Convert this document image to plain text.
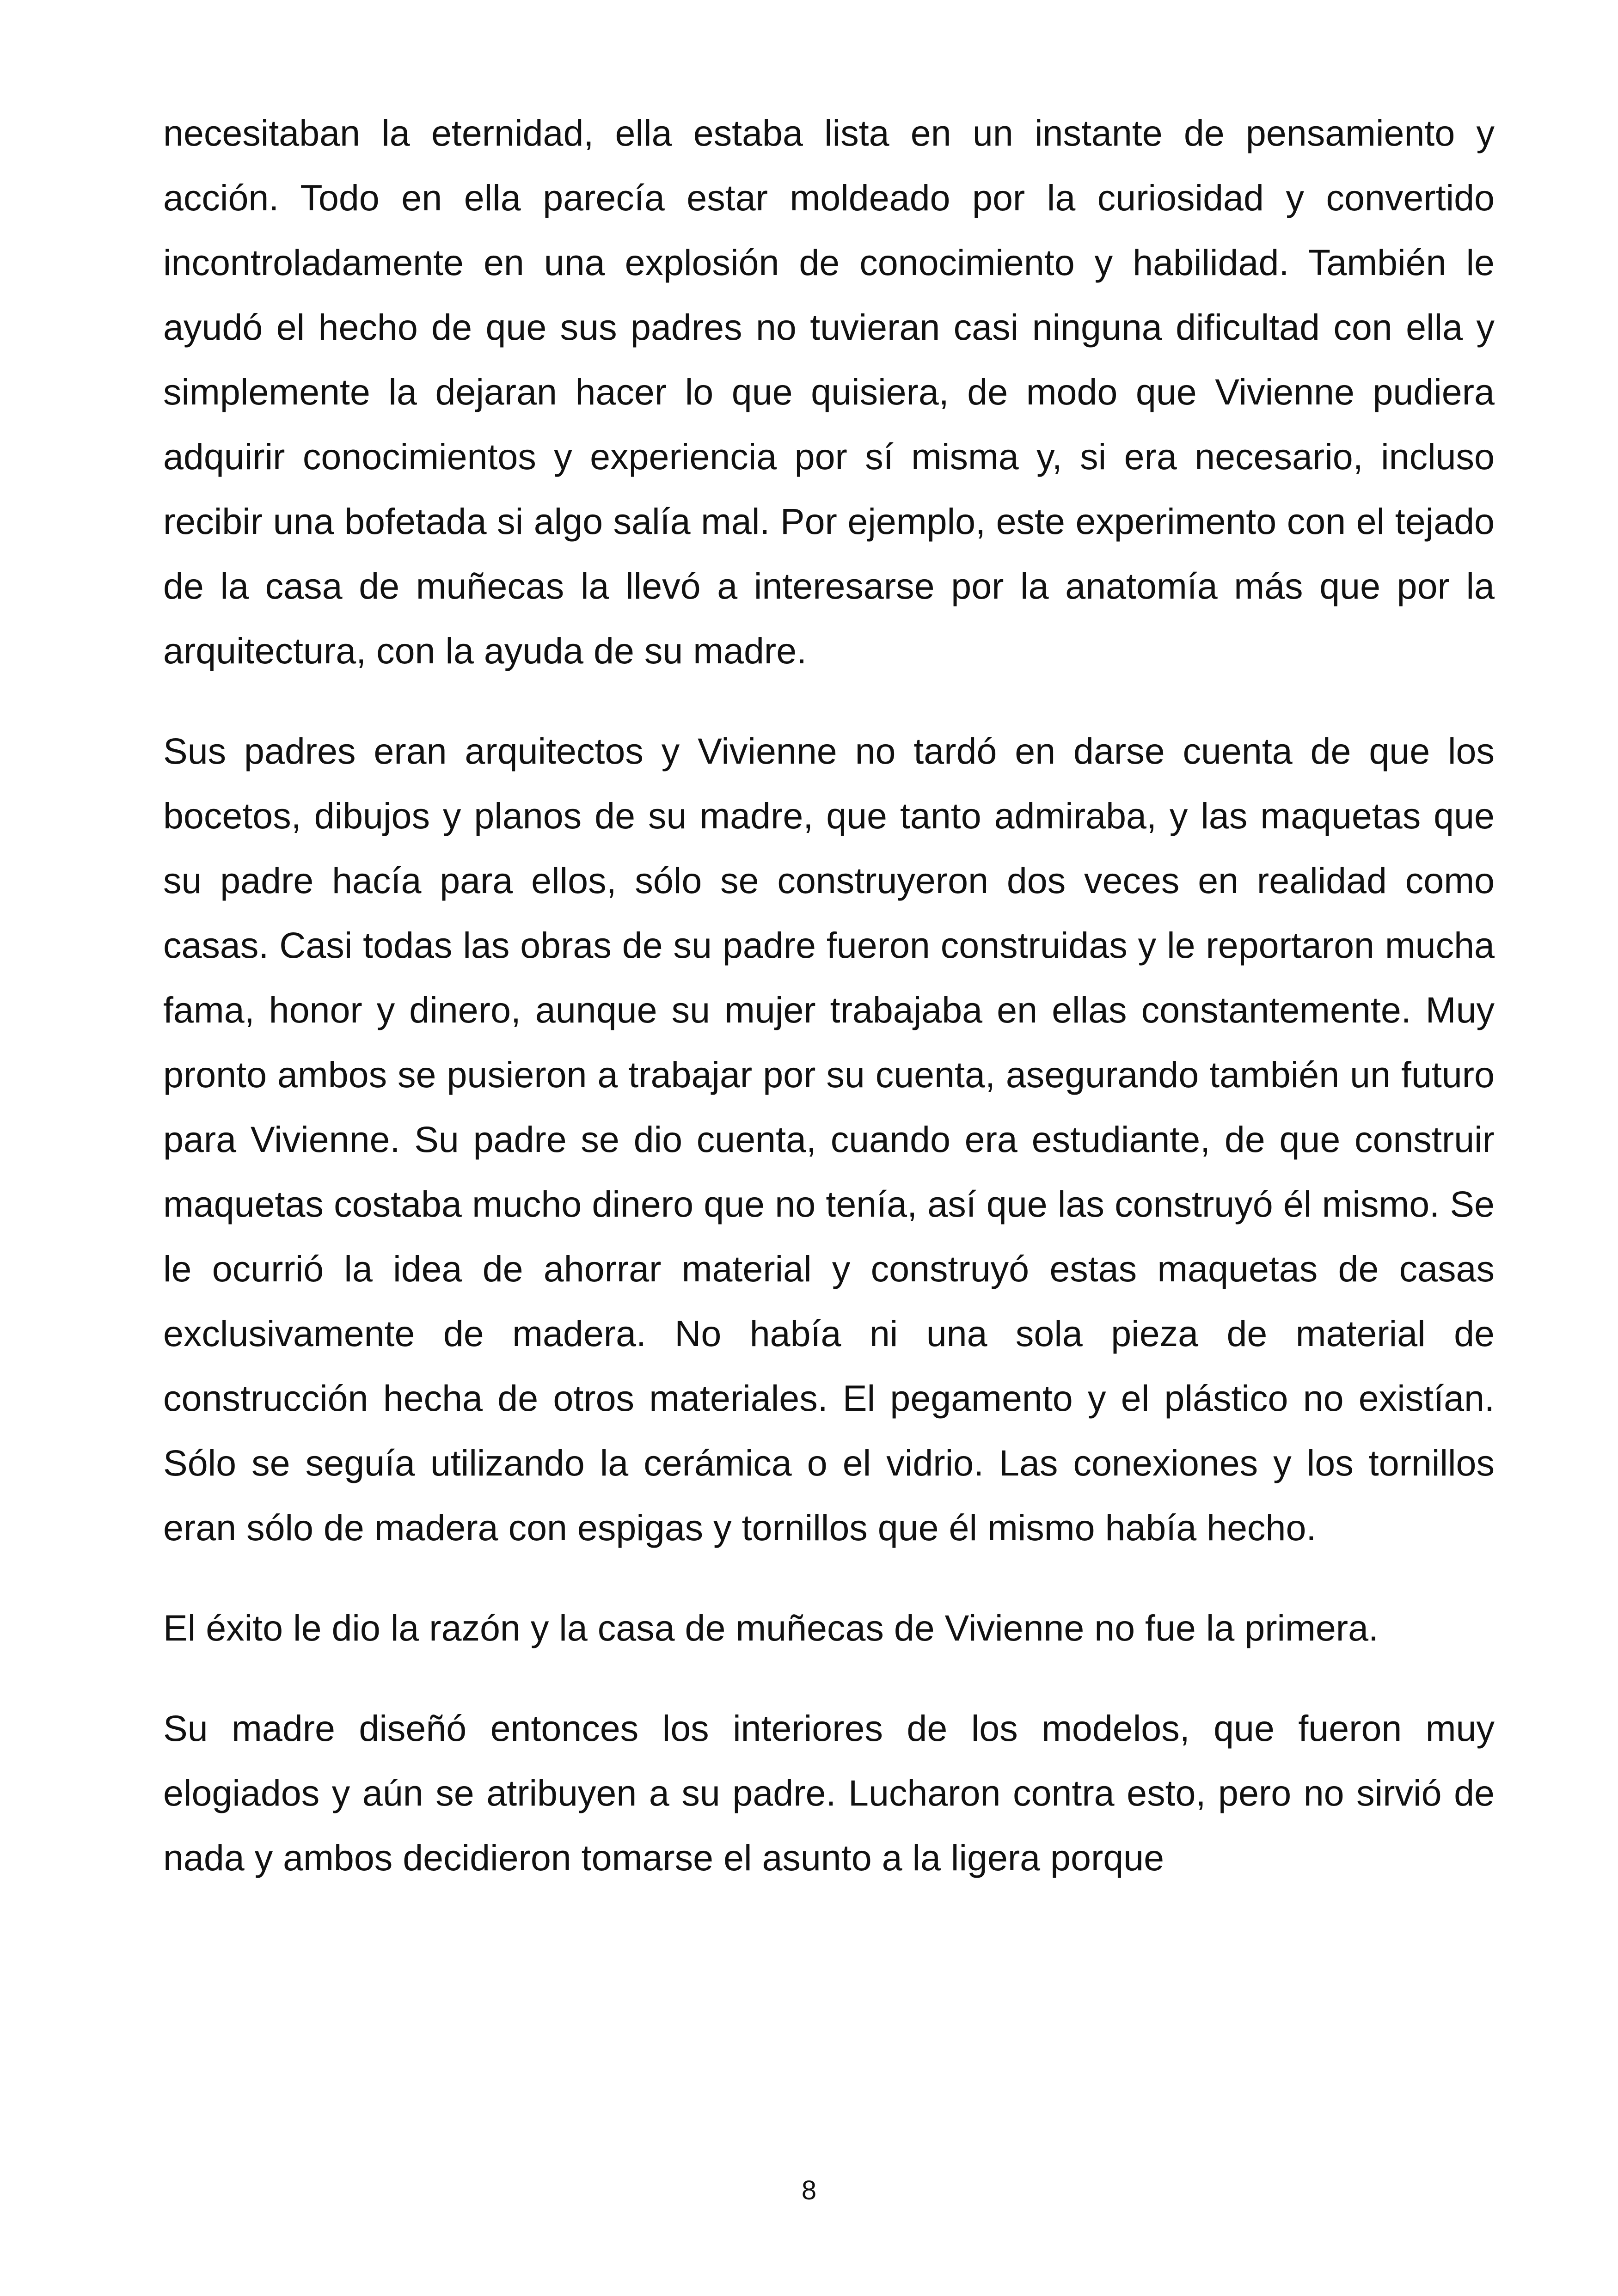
necesitaban la eternidad, ella estaba lista en un instante de pensamiento y acción. Todo en ella parecía estar moldeado por la curiosidad y convertido incontroladamente en una explosión de conocimiento y habilidad. También le ayudó el hecho de que sus padres no tuvieran casi ninguna dificultad con ella y simplemente la dejaran hacer lo que quisiera, de modo que Vivienne pudiera adquirir conocimientos y experiencia por sí misma y, si era necesario, incluso recibir una bofetada si algo salía mal. Por ejemplo, este experimento con el tejado de la casa de muñecas la llevó a interesarse por la anatomía más que por la arquitectura, con la ayuda de su madre.

Sus padres eran arquitectos y Vivienne no tardó en darse cuenta de que los bocetos, dibujos y planos de su madre, que tanto admiraba, y las maquetas que su padre hacía para ellos, sólo se construyeron dos veces en realidad como casas. Casi todas las obras de su padre fueron construidas y le reportaron mucha fama, honor y dinero, aunque su mujer trabajaba en ellas constantemente. Muy pronto ambos se pusieron a trabajar por su cuenta, asegurando también un futuro para Vivienne. Su padre se dio cuenta, cuando era estudiante, de que construir maquetas costaba mucho dinero que no tenía, así que las construyó él mismo. Se le ocurrió la idea de ahorrar material y construyó estas maquetas de casas exclusivamente de madera. No había ni una sola pieza de material de construcción hecha de otros materiales. El pegamento y el plástico no existían. Sólo se seguía utilizando la cerámica o el vidrio. Las conexiones y los tornillos eran sólo de madera con espigas y tornillos que él mismo había hecho.

El éxito le dio la razón y la casa de muñecas de Vivienne no fue la primera.

Su madre diseñó entonces los interiores de los modelos, que fueron muy elogiados y aún se atribuyen a su padre. Lucharon contra esto, pero no sirvió de nada y ambos decidieron tomarse el asunto a la ligera porque

8
